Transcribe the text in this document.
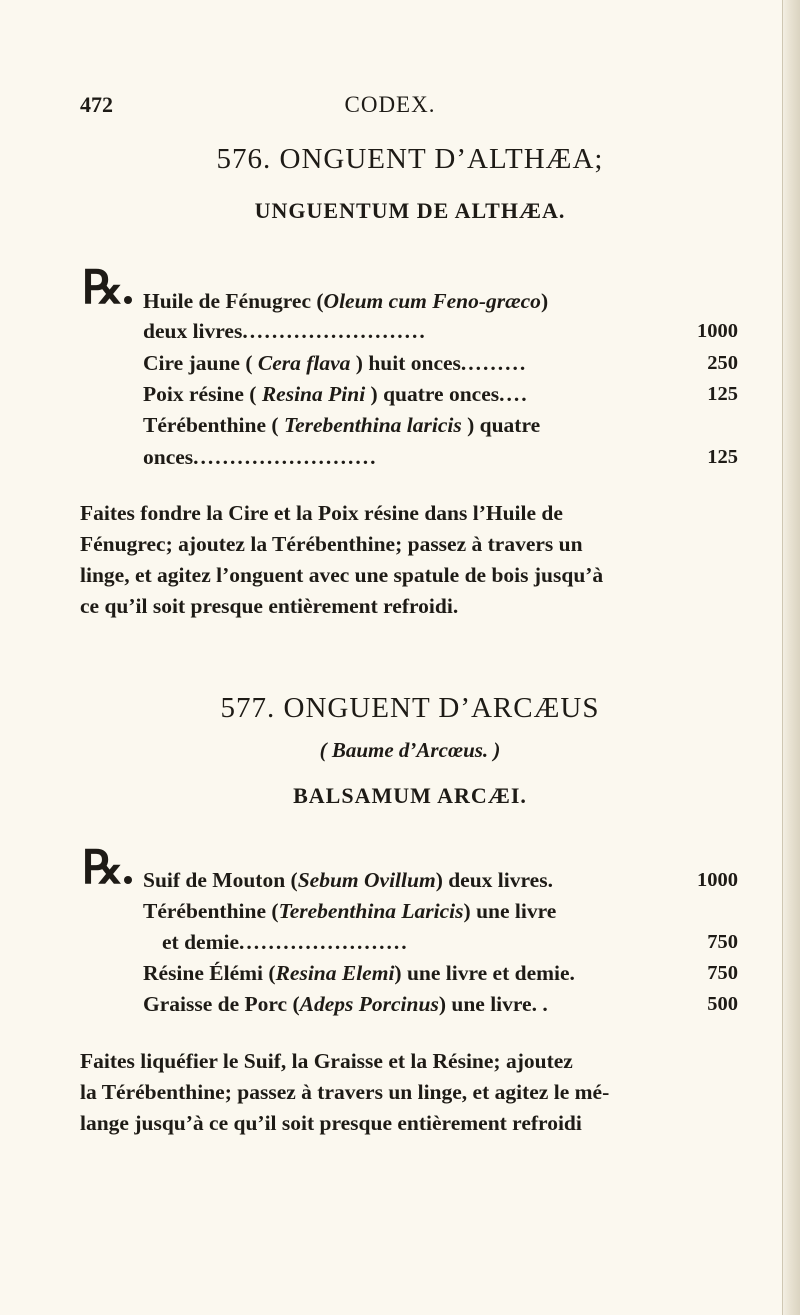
472	CODEX.
576. ONGUENT D’ALTHÆA;
UNGUENTUM DE ALTHÆA.
℞ Huile de Fénugrec (Oleum cum Feno-græco)
deux livres.........................	1000
Cire jaune ( Cera flava ) huit onces.........	250
Poix résine ( Resina Pini ) quatre onces....	125
Térébenthine ( Terebenthina laricis ) quatre
onces.........................	125
Faites fondre la Cire et la Poix résine dans l’Huile de
Fénugrec; ajoutez la Térébenthine; passez à travers un
linge, et agitez l’onguent avec une spatule de bois jusqu’à
ce qu’il soit presque entièrement refroidi.
577. ONGUENT D’ARCÆUS
( Baume d’Arcœus. )
BALSAMUM ARCÆI.
℞ Suif de Mouton (Sebum Ovillum) deux livres.	1000
Térébenthine (Terebenthina Laricis) une livre
et demie.......................	750
Résine Élémi (Resina Elemi) une livre et demie.	750
Graisse de Porc (Adeps Porcinus) une livre. .	500
Faites liquéfier le Suif, la Graisse et la Résine; ajoutez
la Térébenthine; passez à travers un linge, et agitez le mé-
lange jusqu’à ce qu’il soit presque entièrement refroidi
